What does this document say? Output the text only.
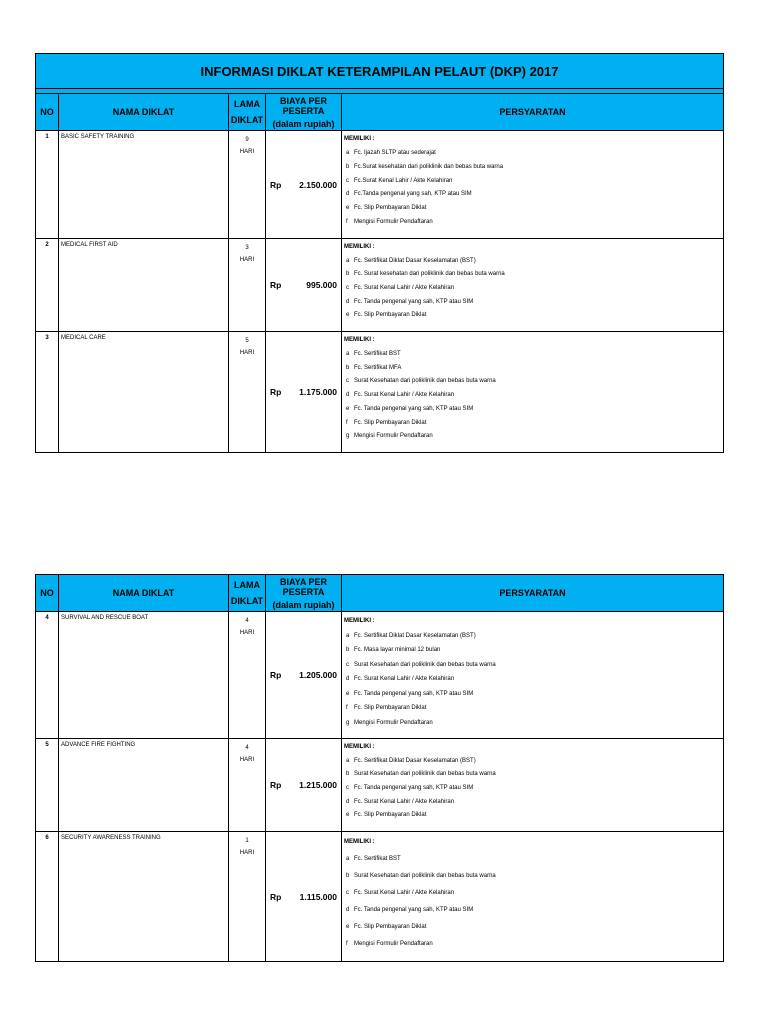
INFORMASI DIKLAT KETERAMPILAN PELAUT (DKP) 2017
NO	NAMA DIKLAT
LAMA
DIKLAT
BIAYA PER
PESERTA
(dalam rupiah)
PERSYARATAN
1	BASIC SAFETY TRAINING	9
HARI
Rp 2.150.000
MEMILIKI :
a Fc. Ijazah SLTP atau sederajat
b Fc.Surat kesehatan dari poliklinik dan bebas buta warna
c Fc.Surat Kenal Lahir / Akte Kelahiran
d Fc.Tanda pengenal yang sah, KTP atau SIM
e Fc. Slip Pembayaran Diklat
f	Mengisi Formulir Pendaftaran
2	MEDICAL FIRST AID	3
HARI
Rp	995.000
MEMILIKI :
a Fc. Sertifikat Diklat Dasar Keselamatan (BST)
b Fc. Surat kesehatan dari poliklinik dan bebas buta warna
c Fc. Surat Kenal Lahir / Akte Kelahiran
d Fc. Tanda pengenal yang sah, KTP atau SIM
e Fc. Slip Pembayaran Diklat
3	MEDICAL CARE	5
HARI
Rp 1.175.000
MEMILIKI :
a Fc. Sertifikat BST
b Fc. Sertifikat MFA
c Surat Kesehatan dari poliklinik dan bebas buta warna
d Fc. Surat Kenal Lahir / Akte Kelahiran
e Fc. Tanda pengenal yang sah, KTP atau SIM
f	Fc. Slip Pembayaran Diklat
g Mengisi Formulir Pendaftaran
NO	NAMA DIKLAT
LAMA
DIKLAT
BIAYA PER
PESERTA
(dalam rupiah)
PERSYARATAN
4	SURVIVAL AND RESCUE BOAT	4
HARI
Rp 1.205.000
MEMILIKI :
a Fc. Sertifikat Diklat Dasar Keselamatan (BST)
b Fc. Masa layar minimal 12 bulan
c Surat Kesehatan dari poliklinik dan bebas buta warna
d Fc. Surat Kenal Lahir / Akte Kelahiran
e Fc. Tanda pengenal yang sah, KTP atau SIM
f	Fc. Slip Pembayaran Diklat
g Mengisi Formulir Pendaftaran
5	ADVANCE FIRE FIGHTING	4
HARI
Rp 1.215.000
MEMILIKI :
a Fc. Sertifikat Diklat Dasar Keselamatan (BST)
b Surat Kesehatan dari poliklinik dan bebas buta warna
c Fc. Tanda pengenal yang sah, KTP atau SIM
d Fc. Surat Kenal Lahir / Akte Kelahiran
e Fc. Slip Pembayaran Diklat
6	SECURITY AWARENESS TRAINING	1
HARI
Rp 1.115.000
MEMILIKI :
a Fc. Sertifikat BST
b Surat Kesehatan dari poliklinik dan bebas buta warna
c Fc. Surat Kenal Lahir / Akte Kelahiran
d Fc. Tanda pengenal yang sah, KTP atau SIM
e Fc. Slip Pembayaran Diklat
f	Mengisi Formulir Pendaftaran
